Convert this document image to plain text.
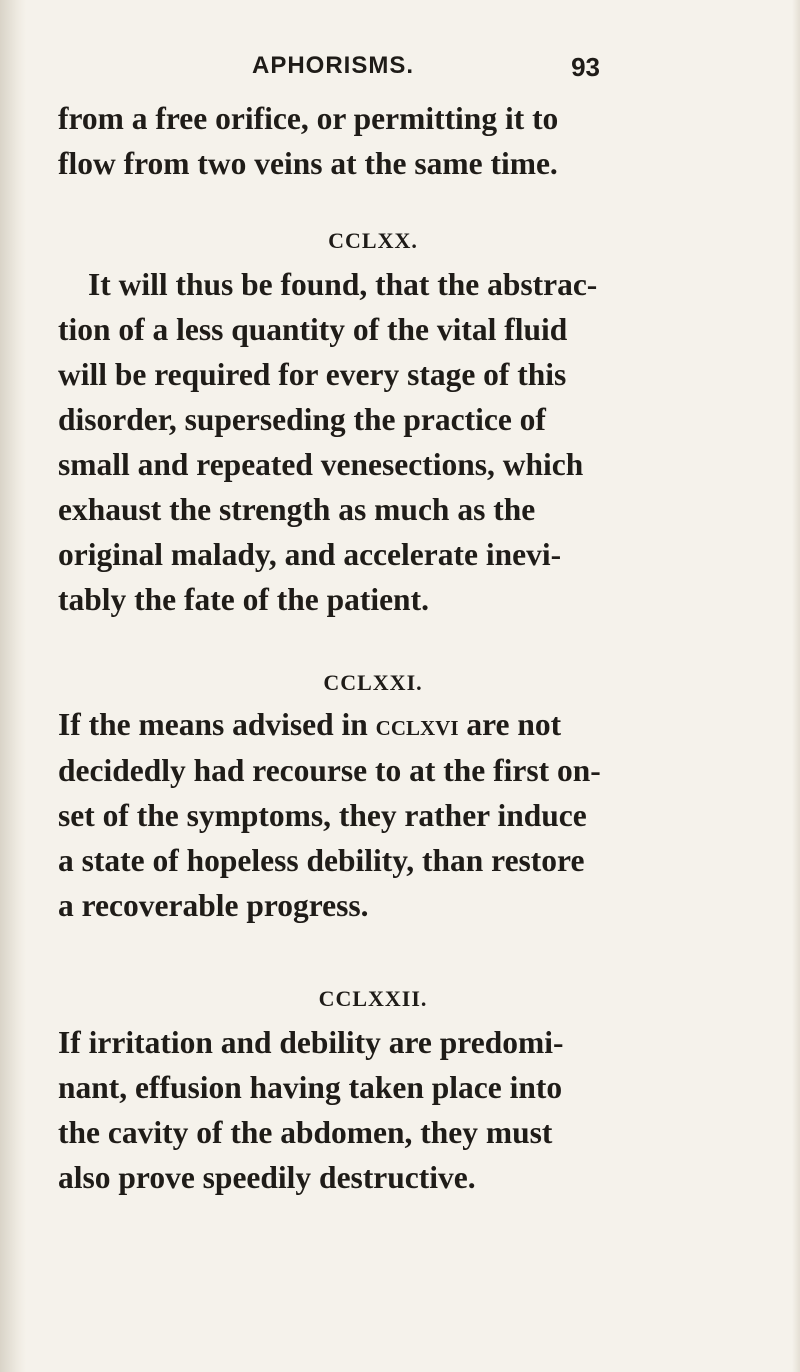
APHORISMS.	93
from a free orifice, or permitting it to
flow from two veins at the same time.
CCLXX.
It will thus be found, that the abstrac-
tion of a less quantity of the vital fluid
will be required for every stage of this
disorder, superseding the practice of
small and repeated venesections, which
exhaust the strength as much as the
original malady, and accelerate inevi-
tably the fate of the patient.
CCLXXI.
If the means advised in cclxvi are not
decidedly had recourse to at the first on-
set of the symptoms, they rather induce
a state of hopeless debility, than restore
a recoverable progress.
CCLXXII.
If irritation and debility are predomi-
nant, effusion having taken place into
the cavity of the abdomen, they must
also prove speedily destructive.
